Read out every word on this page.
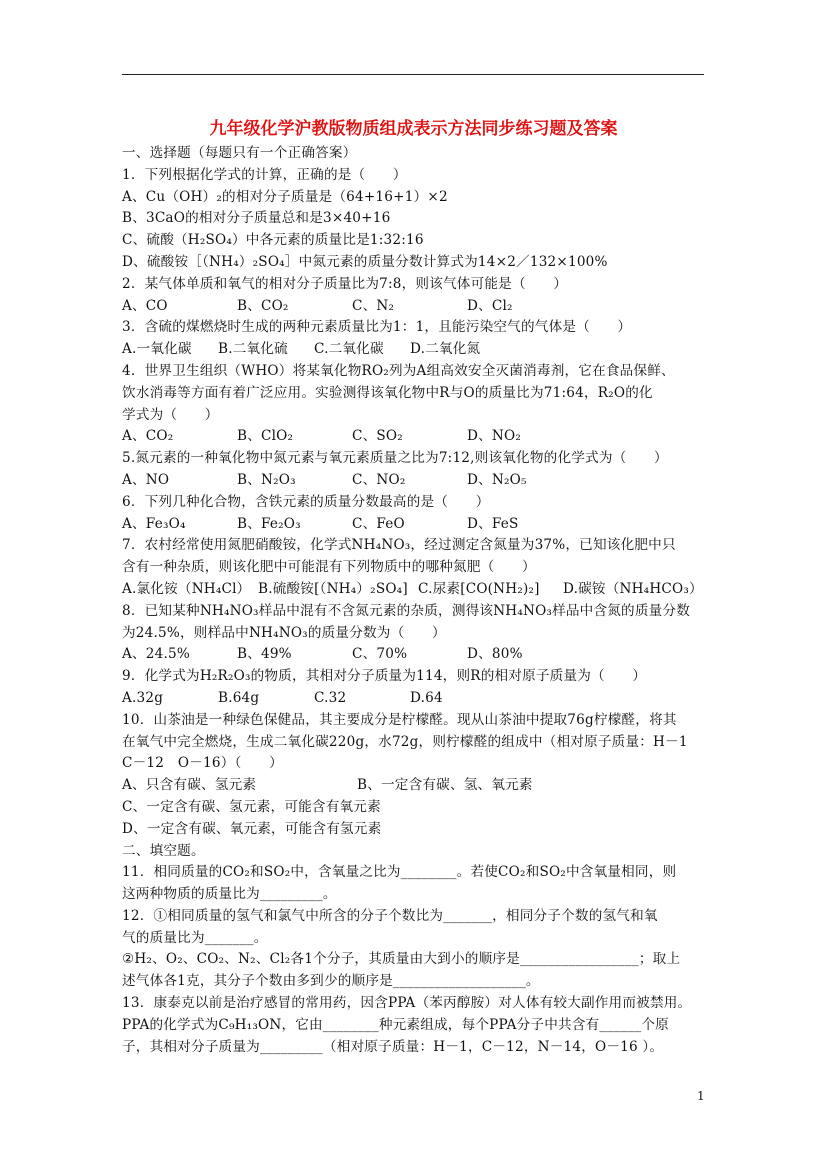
九年级化学沪教版物质组成表示方法同步练习题及答案
一、选择题（每题只有一个正确答案）
1．下列根据化学式的计算，正确的是（　　）
A、Cu（OH）₂的相对分子质量是（64+16+1）×2
B、3CaO的相对分子质量总和是3×40+16
C、硫酸（H₂SO₄）中各元素的质量比是1:32:16
D、硫酸铵［（NH₄）₂SO₄］中氮元素的质量分数计算式为14×2／132×100%
2．某气体单质和氧气的相对分子质量比为7:8，则该气体可能是（　　）
A、CO	B、CO₂	C、N₂	D、Cl₂
3．含硫的煤燃烧时生成的两种元素质量比为1：1，且能污染空气的气体是（　　）
A.一氧化碳	B.二氧化硫	C.二氧化碳	D.二氧化氮
4．世界卫生组织（WHO）将某氧化物RO₂列为A组高效安全灭菌消毒剂，它在食品保鲜、
饮水消毒等方面有着广泛应用。实验测得该氧化物中R与O的质量比为71:64，R₂O的化
学式为（　　）
A、CO₂	B、ClO₂	C、SO₂	D、NO₂
5.氮元素的一种氧化物中氮元素与氧元素质量之比为7:12,则该氧化物的化学式为（　　）
A、NO	B、N₂O₃	C、NO₂	D、N₂O₅
6．下列几种化合物，含铁元素的质量分数最高的是（　　）
A、Fe₃O₄	B、Fe₂O₃	C、FeO	D、FeS
7．农村经常使用氮肥硝酸铵，化学式NH₄NO₃，经过测定含氮量为37%，已知该化肥中只
含有一种杂质，则该化肥中可能混有下列物质中的哪种氮肥（　　）
A.氯化铵（NH₄Cl） B.硫酸铵[（NH₄）₂SO₄] C.尿素[CO(NH₂)₂]	D.碳铵（NH₄HCO₃）
8．已知某种NH₄NO₃样品中混有不含氮元素的杂质，测得该NH₄NO₃样品中含氮的质量分数
为24.5%，则样品中NH₄NO₃的质量分数为（　　）
A、24.5%	B、49%	C、70%	D、80%
9．化学式为H₂R₂O₃的物质，其相对分子质量为114，则R的相对原子质量为（　　）
A.32g	B.64g	C.32	D.64
10．山茶油是一种绿色保健品，其主要成分是柠檬醛。现从山茶油中提取76g柠檬醛，将其
在氧气中完全燃烧，生成二氧化碳220g，水72g，则柠檬醛的组成中（相对原子质量：H－1
C－12　O－16）（　　）
A、只含有碳、氢元素	B、一定含有碳、氢、氧元素
C、一定含有碳、氢元素，可能含有氧元素
D、一定含有碳、氧元素，可能含有氢元素
二、填空题。
11．相同质量的CO₂和SO₂中，含氧量之比为________。若使CO₂和SO₂中含氧量相同，则
这两种物质的质量比为_________。
12．①相同质量的氢气和氯气中所含的分子个数比为_______，相同分子个数的氢气和氧
气的质量比为_______。
②H₂、O₂、CO₂、N₂、Cl₂各1个分子，其质量由大到小的顺序是_________________；取上
述气体各1克，其分子个数由多到少的顺序是___________________。
13．康泰克以前是治疗感冒的常用药，因含PPA（苯丙醇胺）对人体有较大副作用而被禁用。
PPA的化学式为C₉H₁₃ON，它由________种元素组成，每个PPA分子中共含有______个原
子，其相对分子质量为_________（相对原子质量：H－1，C－12，N－14，O－16 ）。
1
